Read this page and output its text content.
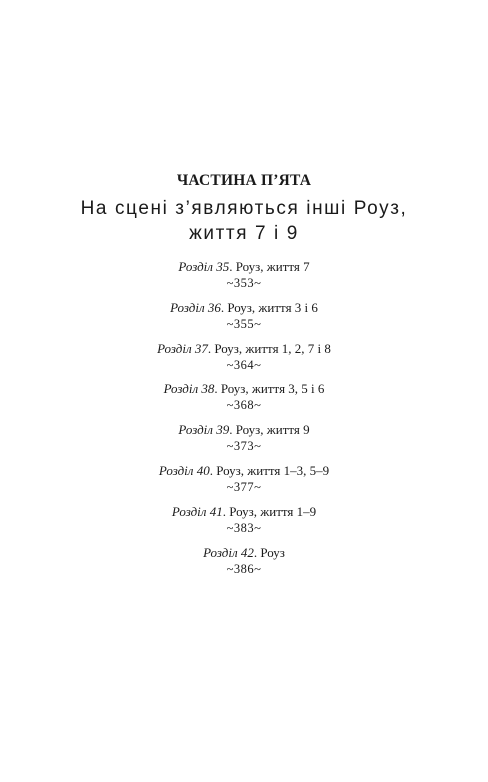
ЧАСТИНА П’ЯТА
На сцені з’являються інші Роуз,
життя 7 і 9
Розділ 35. Роуз, життя 7
~353~
Розділ 36. Роуз, життя 3 і 6
~355~
Розділ 37. Роуз, життя 1, 2, 7 і 8
~364~
Розділ 38. Роуз, життя 3, 5 і 6
~368~
Розділ 39. Роуз, життя 9
~373~
Розділ 40. Роуз, життя 1–3, 5–9
~377~
Розділ 41. Роуз, життя 1–9
~383~
Розділ 42. Роуз
~386~
